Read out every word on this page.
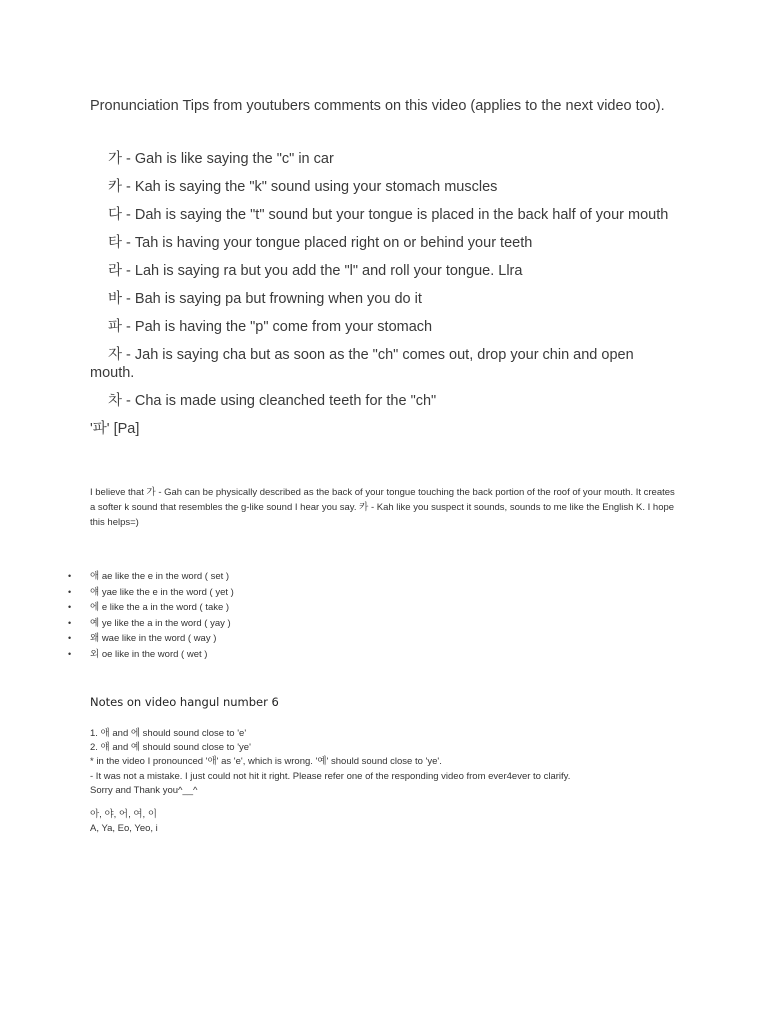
Pronunciation Tips from youtubers comments on this video (applies to the next video too).
가 - Gah is like saying the "c" in car
카 - Kah is saying the "k" sound using your stomach muscles
다 - Dah is saying the "t" sound but your tongue is placed in the back half of your mouth
타 - Tah is having your tongue placed right on or behind your teeth
라 - Lah is saying ra but you add the "l" and roll your tongue. Llra
바 - Bah is saying pa but frowning when you do it
파 - Pah is having the "p" come from your stomach
자 - Jah is saying cha but as soon as the "ch" comes out, drop your chin and open mouth.
차 - Cha is made using cleanched teeth for the "ch"
'파' [Pa]
I believe that 가 - Gah can be physically described as the back of your tongue touching the back portion of the roof of your mouth. It creates a softer k sound that resembles the g-like sound I hear you say. 카 - Kah like you suspect it sounds, sounds to me like the English K. I hope this helps=)
• 애 ae like the e in the word ( set )
• 얘 yae like the e in the word ( yet )
• 에 e like the a in the word ( take )
• 예 ye like the a in the word ( yay )
• 왜 wae like in the word ( way )
• 외 oe like in the word ( wet )
Notes on video hangul number 6
1. 애 and 에 should sound close to 'e'
2. 얘 and 예 should sound close to 'ye'
* in the video I pronounced '애' as 'e', which is wrong. '예' should sound close to 'ye'.
- It was not a mistake. I just could not hit it right. Please refer one of the responding video from ever4ever to clarify.
Sorry and Thank you^__^
아, 야, 어, 여, 이
A, Ya, Eo, Yeo, i
